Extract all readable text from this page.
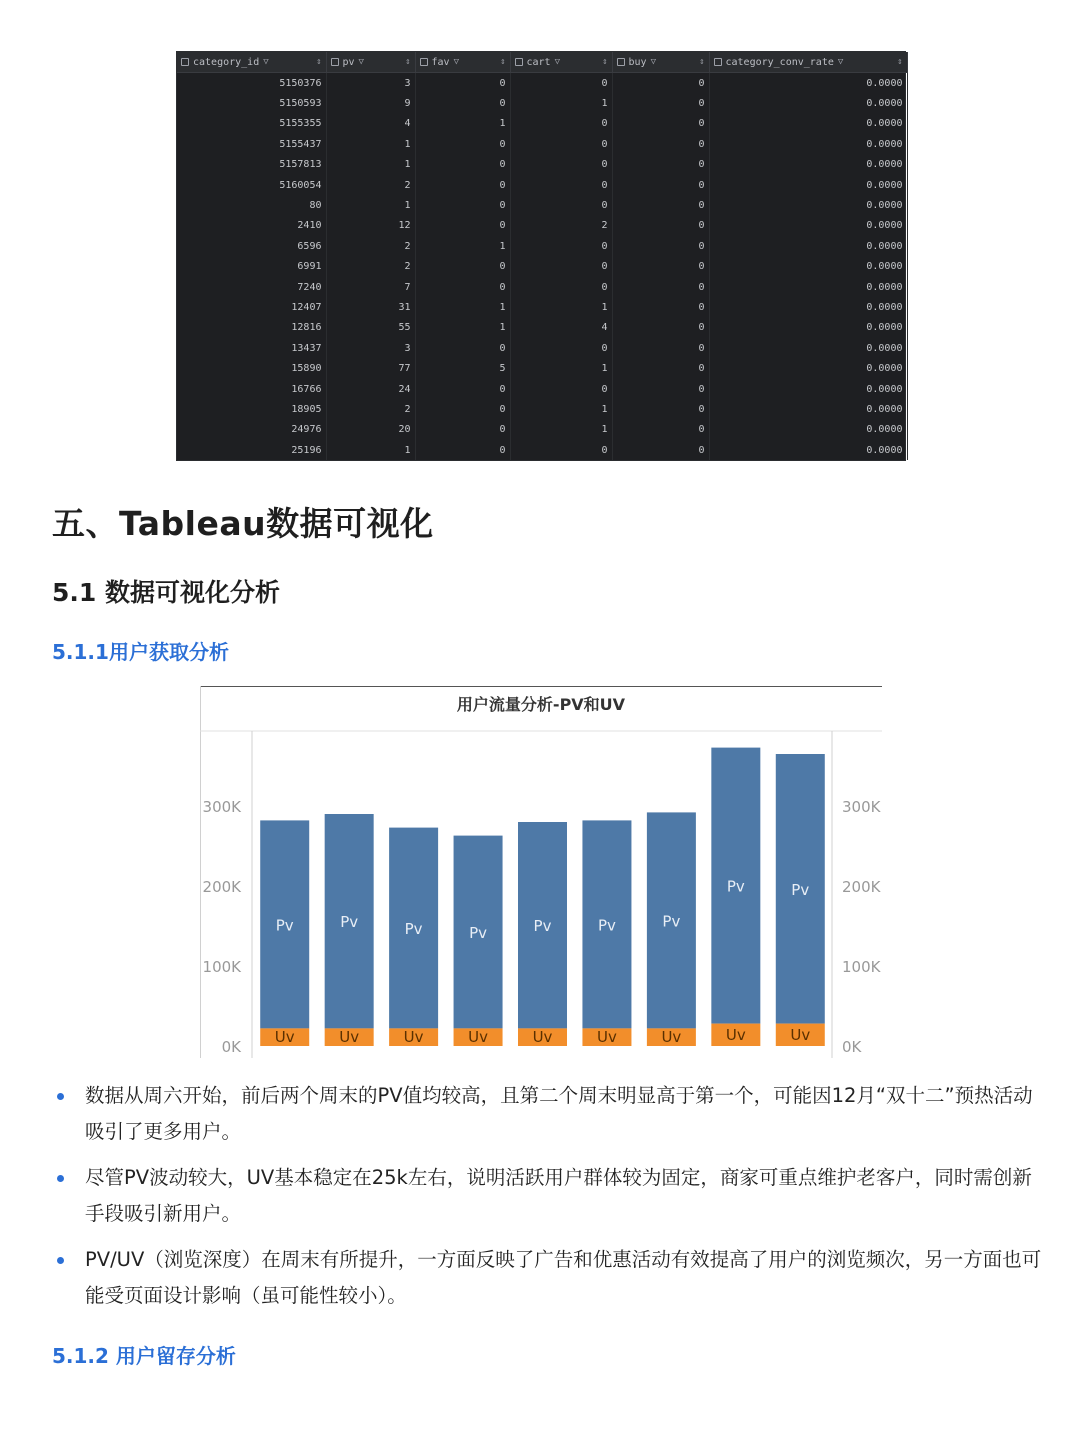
category_id ▽ ⇕	pv ▽ ⇕	fav ▽ ⇕	cart ▽ ⇕	buy ▽ ⇕	category_conv_rate ▽ ⇕

5150376	3	0	0	0	0.0000
5150593	9	0	1	0	0.0000
5155355	4	1	0	0	0.0000
5155437	1	0	0	0	0.0000
5157813	1	0	0	0	0.0000
5160054	2	0	0	0	0.0000
80	1	0	0	0	0.0000
2410	12	0	2	0	0.0000
6596	2	1	0	0	0.0000
6991	2	0	0	0	0.0000
7240	7	0	0	0	0.0000
12407	31	1	1	0	0.0000
12816	55	1	4	0	0.0000
13437	3	0	0	0	0.0000
15890	77	5	1	0	0.0000
16766	24	0	0	0	0.0000
18905	2	0	1	0	0.0000
24976	20	0	1	0	0.0000
25196	1	0	0	0	0.0000
五、Tableau数据可视化
5.1 数据可视化分析
5.1.1用户获取分析
用户流量分析-PV和UV
0K	0K
100K	100K
200K	200K
300K	300K
Pv
Uv
Pv
Uv
Pv
Uv
Pv
Uv
Pv
Uv
Pv
Uv
Pv
Uv
Pv
Uv
Pv
Uv
数据从周六开始，前后两个周末的PV值均较高，且第二个周末明显高于第一个，可能因12月“双十二”预热活动吸引了更多用户。
尽管PV波动较大，UV基本稳定在25k左右，说明活跃用户群体较为固定，商家可重点维护老客户，同时需创新手段吸引新用户。
PV/UV（浏览深度）在周末有所提升，一方面反映了广告和优惠活动有效提高了用户的浏览频次，另一方面也可能受页面设计影响（虽可能性较小）。
5.1.2 用户留存分析
